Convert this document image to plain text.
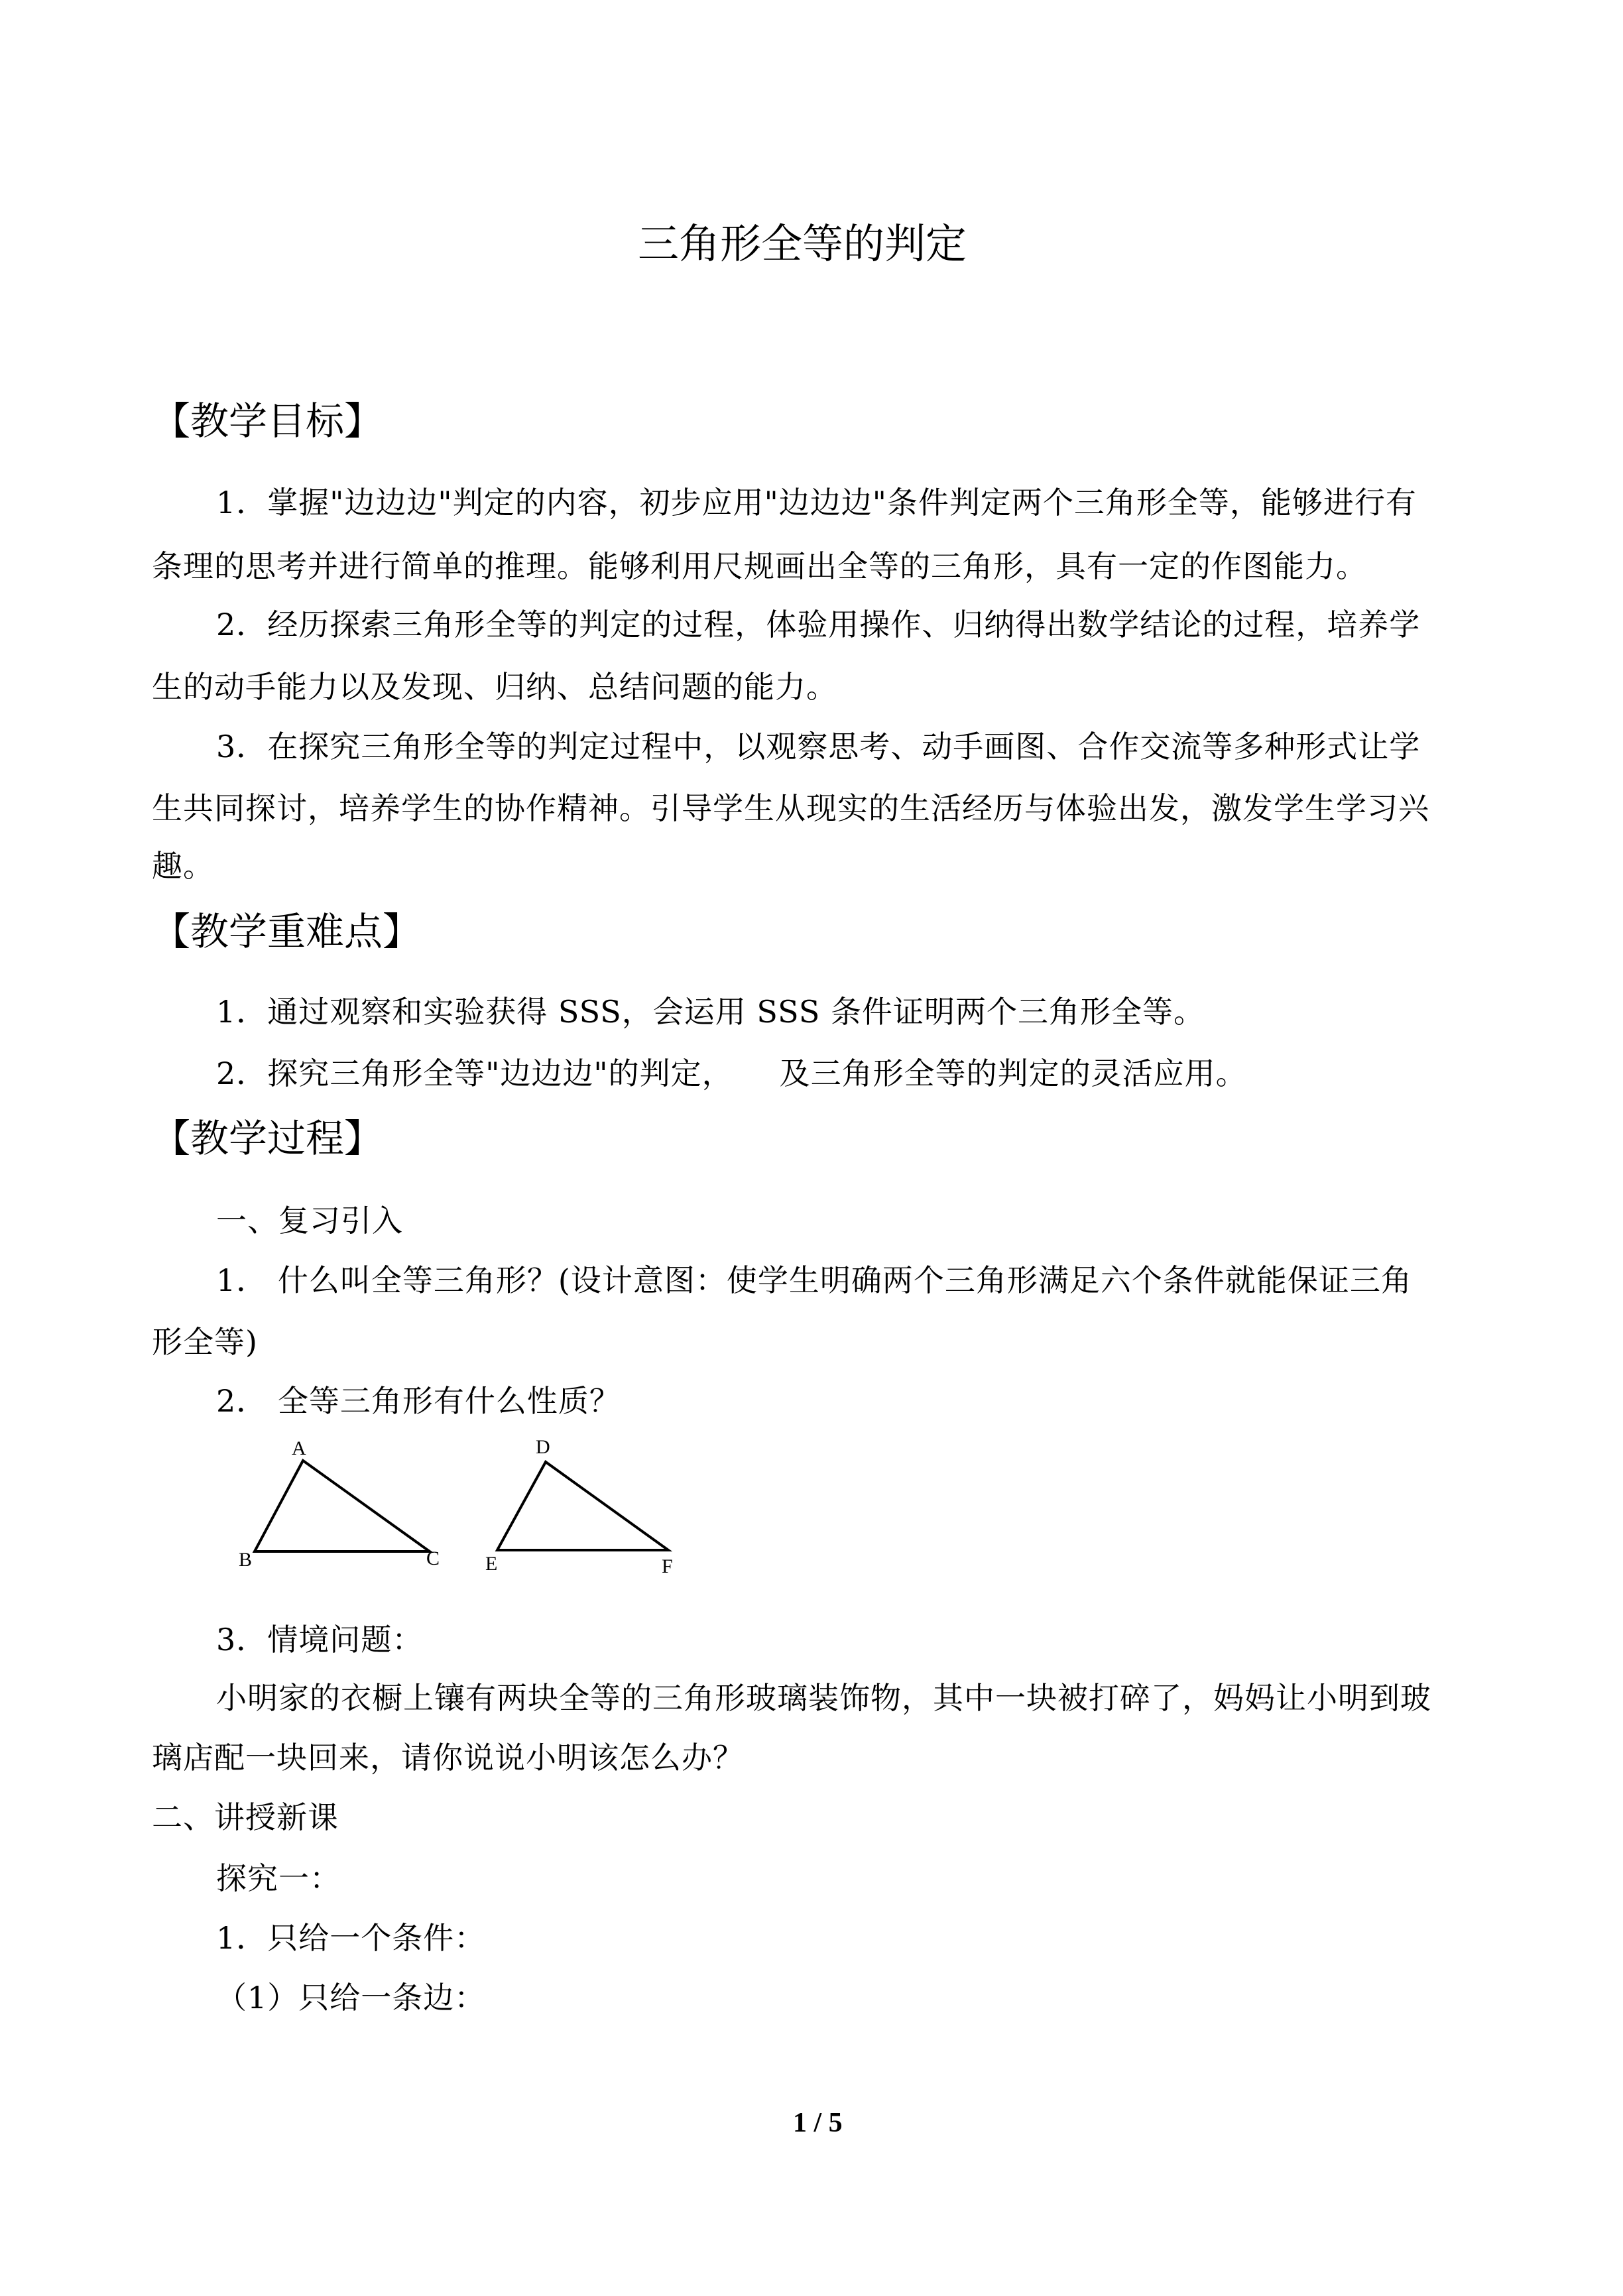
三角形全等的判定
【教学目标】
1．掌握"边边边"判定的内容，初步应用"边边边"条件判定两个三角形全等，能够进行有
条理的思考并进行简单的推理。能够利用尺规画出全等的三角形，具有一定的作图能力。
2．经历探索三角形全等的判定的过程，体验用操作、归纳得出数学结论的过程，培养学
生的动手能力以及发现、归纳、总结问题的能力。
3．在探究三角形全等的判定过程中，以观察思考、动手画图、合作交流等多种形式让学
生共同探讨，培养学生的协作精神。引导学生从现实的生活经历与体验出发，激发学生学习兴
趣。
【教学重难点】
1．通过观察和实验获得 SSS，会运用 SSS 条件证明两个三角形全等。
2．探究三角形全等"边边边"的判定， 及三角形全等的判定的灵活应用。
【教学过程】
一、复习引入
1． 什么叫全等三角形？(设计意图：使学生明确两个三角形满足六个条件就能保证三角
形全等)
2． 全等三角形有什么性质？
A
B	C
D
E	F
3．情境问题：
小明家的衣橱上镶有两块全等的三角形玻璃装饰物，其中一块被打碎了，妈妈让小明到玻
璃店配一块回来，请你说说小明该怎么办？
二、讲授新课
探究一：
1．只给一个条件：
（1）只给一条边：
1 / 5
